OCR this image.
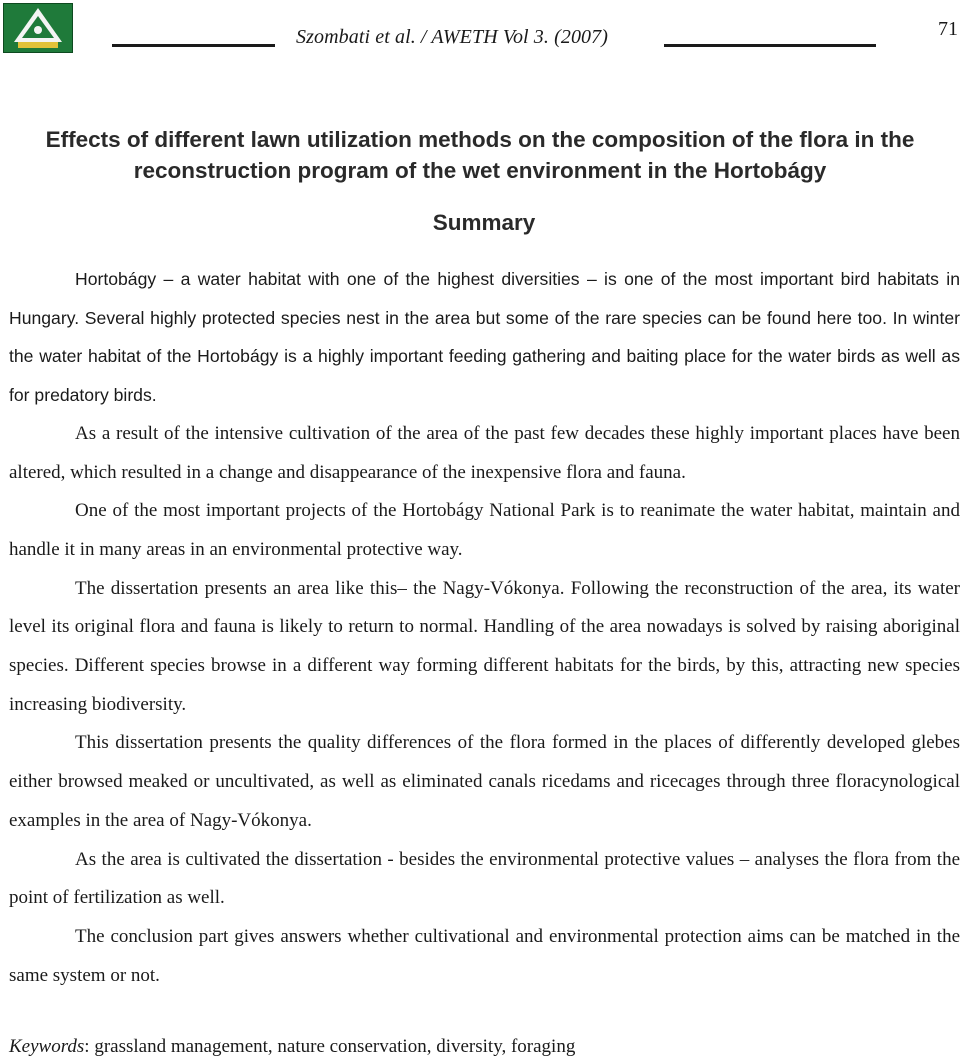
Szombati et al. / AWETH Vol 3. (2007)	71
Effects of different lawn utilization methods on the composition of the flora in the
reconstruction program of the wet environment in the Hortobágy
Summary

Hortobágy – a water habitat with one of the highest diversities – is one of the most important bird habitats in Hungary. Several highly protected species nest in the area but some of the rare species can be found here too. In winter the water habitat of the Hortobágy is a highly important feeding gathering and baiting place for the water birds as well as for predatory birds.

As a result of the intensive cultivation of the area of the past few decades these highly important places have been altered, which resulted in a change and disappearance of the inexpensive flora and fauna.

One of the most important projects of the Hortobágy National Park is to reanimate the water habitat, maintain and handle it in many areas in an environmental protective way.

The dissertation presents an area like this– the Nagy-Vókonya. Following the reconstruction of the area, its water level its original flora and fauna is likely to return to normal. Handling of the area nowadays is solved by raising aboriginal species. Different species browse in a different way forming different habitats for the birds, by this, attracting new species increasing biodiversity.

This dissertation presents the quality differences of the flora formed in the places of differently developed glebes either browsed meaked or uncultivated, as well as eliminated canals ricedams and ricecages through three floracynological examples in the area of Nagy-Vókonya.

As the area is cultivated the dissertation - besides the environmental protective values – analyses the flora from the point of fertilization as well.

The conclusion part gives answers whether cultivational and environmental protection aims can be matched in the same system or not.

Keywords: grassland management, nature conservation, diversity, foraging
